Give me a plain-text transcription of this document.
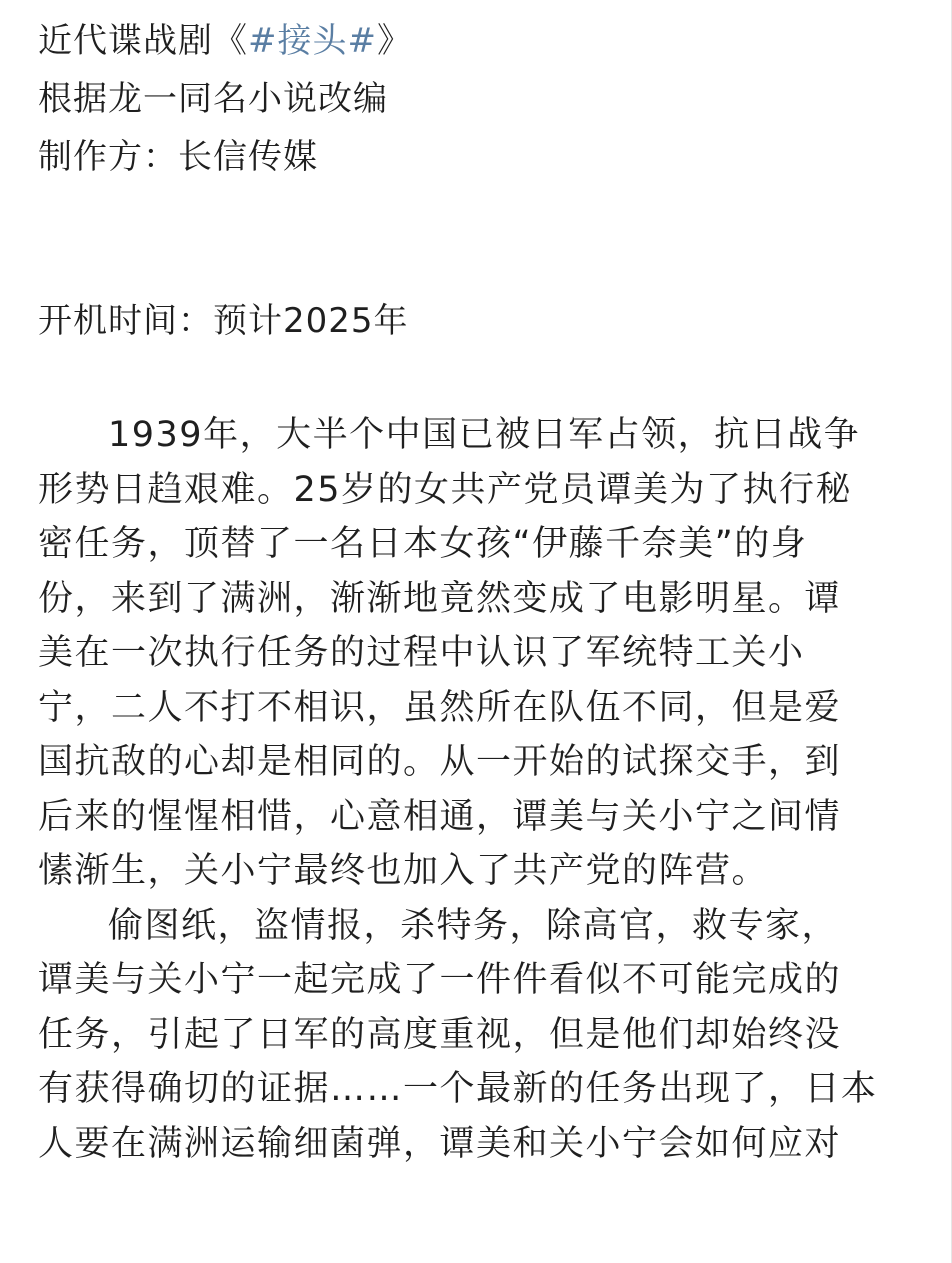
近代谍战剧《#接头#》
根据龙一同名小说改编
制作方：长信传媒
开机时间：预计2025年
1939年，大半个中国已被日军占领，抗日战争
形势日趋艰难。25岁的女共产党员谭美为了执行秘
密任务，顶替了一名日本女孩“伊藤千奈美”的身
份，来到了满洲，渐渐地竟然变成了电影明星。谭
美在一次执行任务的过程中认识了军统特工关小
宁，二人不打不相识，虽然所在队伍不同，但是爱
国抗敌的心却是相同的。从一开始的试探交手，到
后来的惺惺相惜，心意相通，谭美与关小宁之间情
愫渐生，关小宁最终也加入了共产党的阵营。
偷图纸，盗情报，杀特务，除高官，救专家，
谭美与关小宁一起完成了一件件看似不可能完成的
任务，引起了日军的高度重视，但是他们却始终没
有获得确切的证据……一个最新的任务出现了，日本
人要在满洲运输细菌弹，谭美和关小宁会如何应对
